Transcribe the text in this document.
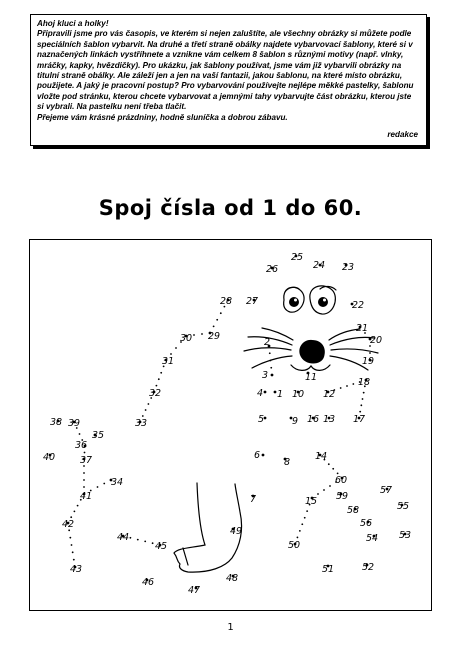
Ahoj kluci a holky!
Připravili jsme pro vás časopis, ve kterém si nejen zaluštíte, ale všechny obrázky si můžete podle speciálních šablon vybarvit. Na druhé a třetí straně obálky najdete vybarvovací šablony, které si v naznačených linkách vystříhnete a vznikne vám celkem 8 šablon s různými motivy (např. vlnky, mráčky, kapky, hvězdičky). Pro ukázku, jak šablony používat, jsme vám již vybarvili obrázky na titulní straně obálky. Ale záleží jen a jen na vaší fantazii, jakou šablonu, na které místo obrázku, použijete. A jaký je pracovní postup? Pro vybarvování používejte nejlépe měkké pastelky, šablonu vložte pod stránku, kterou chcete vybarvovat a jemnými tahy vybarvujte část obrázku, kterou jste si vybrali. Na pastelku není třeba tlačit.
Přejeme vám krásné prázdniny, hodně sluníčka a dobrou zábavu.

redakce
Spoj čísla od 1 do 60.
1
2
3
4
5
6
7
8
9
10
11
12
13
14
15
16	17
18
19
20
21
22
23
24
25
26
27
28
29
30
31
32
33
34
35
36
37
38 39
40
41
42
43
44
45
46
47
48
49
50
51	52
53
54
55
56
57
58
59
60
1
